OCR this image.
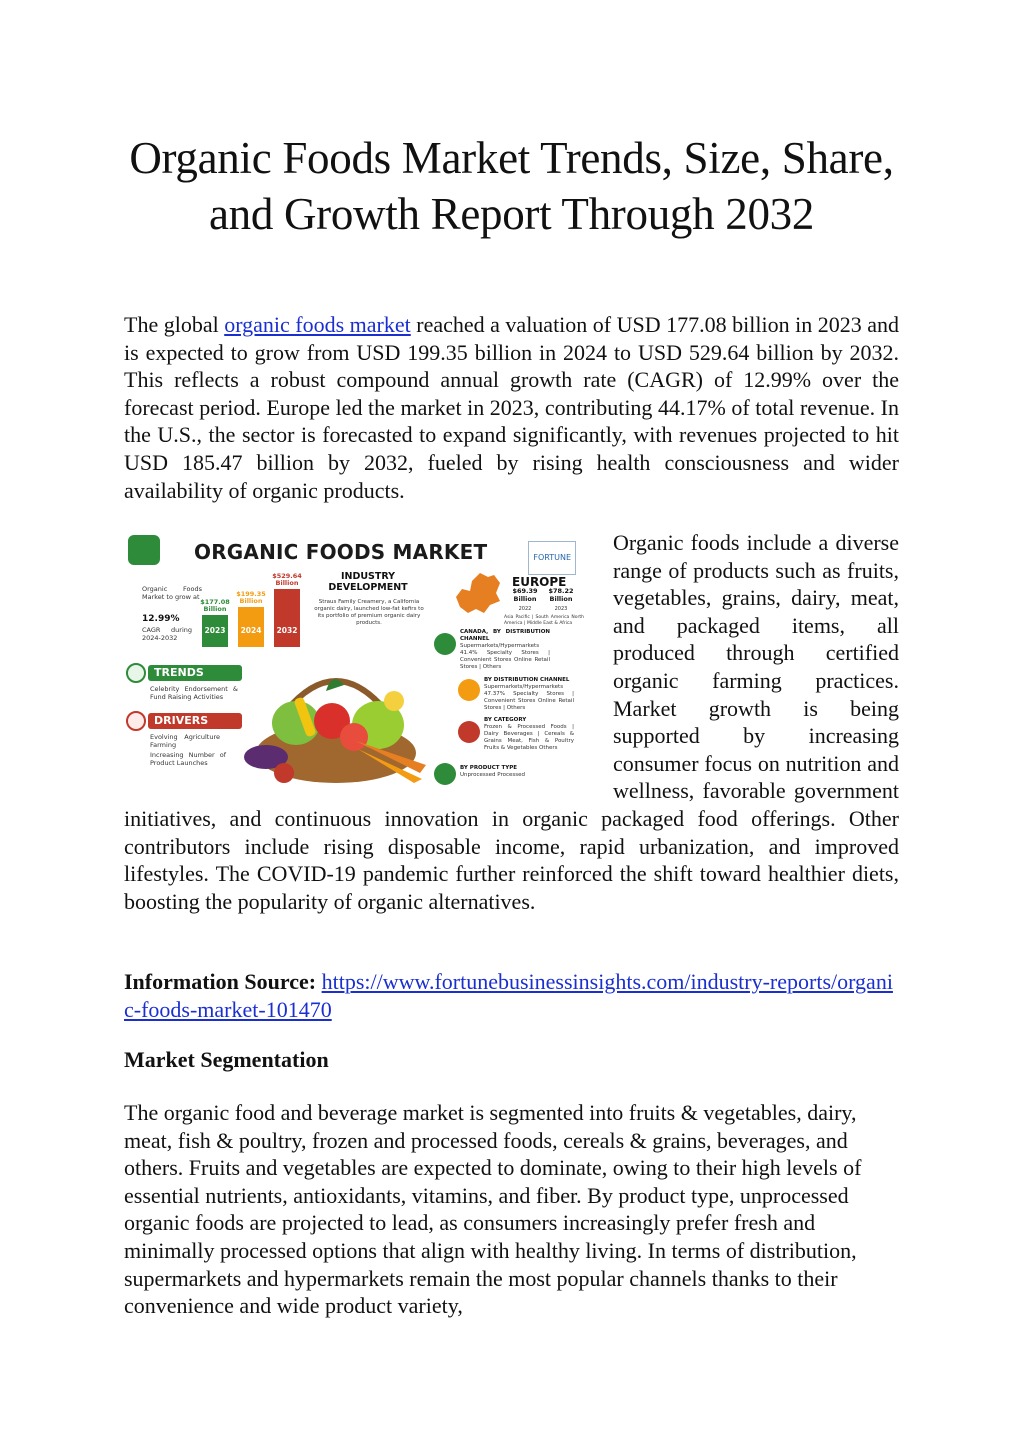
Organic Foods Market Trends, Size, Share, and Growth Report Through 2032

The global organic foods market reached a valuation of USD 177.08 billion in 2023 and is expected to grow from USD 199.35 billion in 2024 to USD 529.64 billion by 2032. This reflects a robust compound annual growth rate (CAGR) of 12.99% over the forecast period. Europe led the market in 2023, contributing 44.17% of total revenue. In the U.S., the sector is forecasted to expand significantly, with revenues projected to hit USD 185.47 billion by 2032, fueled by rising health consciousness and wider availability of organic products.

ORGANIC FOODS MARKET	FORTUNE
Organic Foods Market to grow at
12.99%
CAGR during 2024-2032
2023
$177.08 Billion
2024
$199.35 Billion
2032
$529.64 Billion
INDUSTRY DEVELOPMENT
Straus Family Creamery, a California organic dairy, launched low-fat kefirs to its portfolio of premium organic dairy products.
EUROPE
$69.39 Billion
$78.22 Billion
2022	2023
Asia Pacific | South America North America | Middle East & Africa
TRENDS
Celebrity Endorsement & Fund Raising Activities
DRIVERS
Evolving Agriculture Farming
Increasing Number of Product Launches
CANADA, BY DISTRIBUTION CHANNEL
Supermarkets/Hypermarkets 41.4% Specialty Stores | Convenient Stores Online Retail Stores | Others
BY DISTRIBUTION CHANNEL
Supermarkets/Hypermarkets 47.37% Specialty Stores | Convenient Stores Online Retail Stores | Others
BY CATEGORY
Frozen & Processed Foods | Dairy Beverages | Cereals & Grains Meat, Fish & Poultry Fruits & Vegetables Others
BY PRODUCT TYPE
Unprocessed Processed
Organic foods include a diverse range of products such as fruits, vegetables, grains, dairy, meat, and packaged items, all produced through certified organic farming practices. Market growth is being supported by increasing consumer focus on nutrition and wellness, favorable government initiatives, and continuous innovation in organic packaged food offerings. Other contributors include rising disposable income, rapid urbanization, and improved lifestyles. The COVID-19 pandemic further reinforced the shift toward healthier diets, boosting the popularity of organic alternatives.

Information Source: https://www.fortunebusinessinsights.com/industry-reports/organic-foods-market-101470

Market Segmentation

The organic food and beverage market is segmented into fruits & vegetables, dairy, meat, fish & poultry, frozen and processed foods, cereals & grains, beverages, and others. Fruits and vegetables are expected to dominate, owing to their high levels of essential nutrients, antioxidants, vitamins, and fiber. By product type, unprocessed organic foods are projected to lead, as consumers increasingly prefer fresh and minimally processed options that align with healthy living. In terms of distribution, supermarkets and hypermarkets remain the most popular channels thanks to their convenience and wide product variety,
